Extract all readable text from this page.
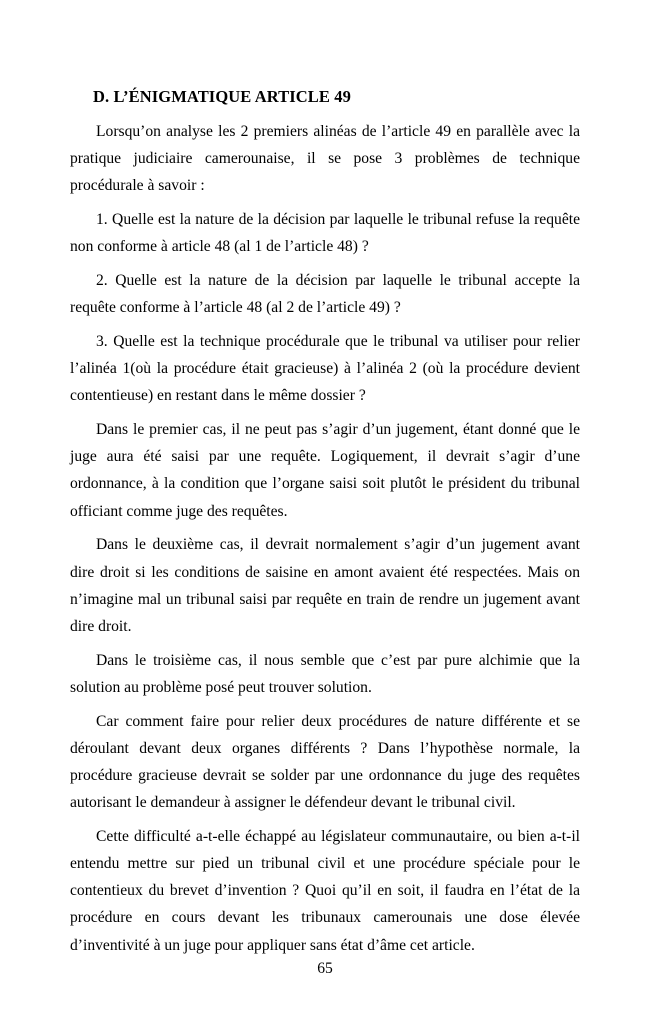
D. L’ÉNIGMATIQUE ARTICLE 49

Lorsqu’on analyse les 2 premiers alinéas de l’article 49 en parallèle avec la pratique judiciaire camerounaise, il se pose 3 problèmes de technique procédurale à savoir :

1. Quelle est la nature de la décision par laquelle le tribunal refuse la requête non conforme à article 48 (al 1 de l’article 48) ?

2. Quelle est la nature de la décision par laquelle le tribunal accepte la requête conforme à l’article 48 (al 2 de l’article 49) ?

3. Quelle est la technique procédurale que le tribunal va utiliser pour relier l’alinéa 1(où la procédure était gracieuse) à l’alinéa 2 (où la procédure devient contentieuse) en restant dans le même dossier ?

Dans le premier cas, il ne peut pas s’agir d’un jugement, étant donné que le juge aura été saisi par une requête. Logiquement, il devrait s’agir d’une ordonnance, à la condition que l’organe saisi soit plutôt le président du tribunal officiant comme juge des requêtes.

Dans le deuxième cas, il devrait normalement s’agir d’un jugement avant dire droit si les conditions de saisine en amont avaient été respectées. Mais on n’imagine mal un tribunal saisi par requête en train de rendre un jugement avant dire droit.

Dans le troisième cas, il nous semble que c’est par pure alchimie que la solution au problème posé peut trouver solution.

Car comment faire pour relier deux procédures de nature différente et se déroulant devant deux organes différents ? Dans l’hypothèse normale, la procédure gracieuse devrait se solder par une ordonnance du juge des requêtes autorisant le demandeur à assigner le défendeur devant le tribunal civil.

Cette difficulté a-t-elle échappé au législateur communautaire, ou bien a-t-il entendu mettre sur pied un tribunal civil et une procédure spéciale pour le contentieux du brevet d’invention ? Quoi qu’il en soit, il faudra en l’état de la procédure en cours devant les tribunaux camerounais une dose élevée d’inventivité à un juge pour appliquer sans état d’âme cet article.

65
